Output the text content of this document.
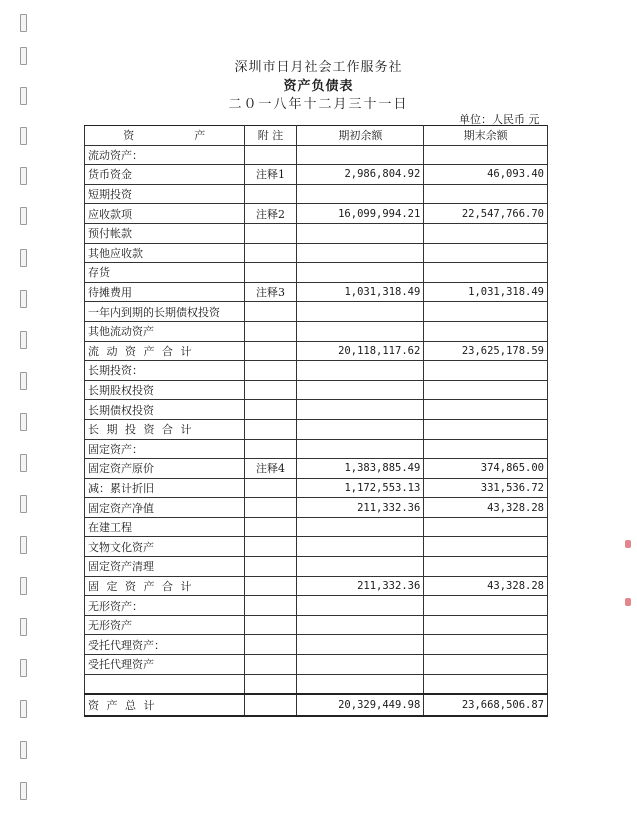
深圳市日月社会工作服务社
资产负债表
二０一八年十二月三十一日
单位：人民币 元
资 产	附 注	期初余额	期末余额
流动资产：			
货币资金	注释1	2,986,804.92	46,093.40
短期投资			
应收款项	注释2	16,099,994.21	22,547,766.70
预付帐款			
其他应收款			
存货			
待摊费用	注释3	1,031,318.49	1,031,318.49
一年内到期的长期债权投资			
其他流动资产			
流 动 资 产 合 计		20,118,117.62	23,625,178.59
长期投资：			
长期股权投资			
长期债权投资			
长 期 投 资 合 计			
固定资产：			
固定资产原价	注释4	1,383,885.49	374,865.00
减：累计折旧		1,172,553.13	331,536.72
固定资产净值		211,332.36	43,328.28
在建工程			
文物文化资产			
固定资产清理			
固 定 资 产 合 计		211,332.36	43,328.28
无形资产：			
无形资产			
受托代理资产：			
受托代理资产			

资 产 总 计		20,329,449.98	23,668,506.87
